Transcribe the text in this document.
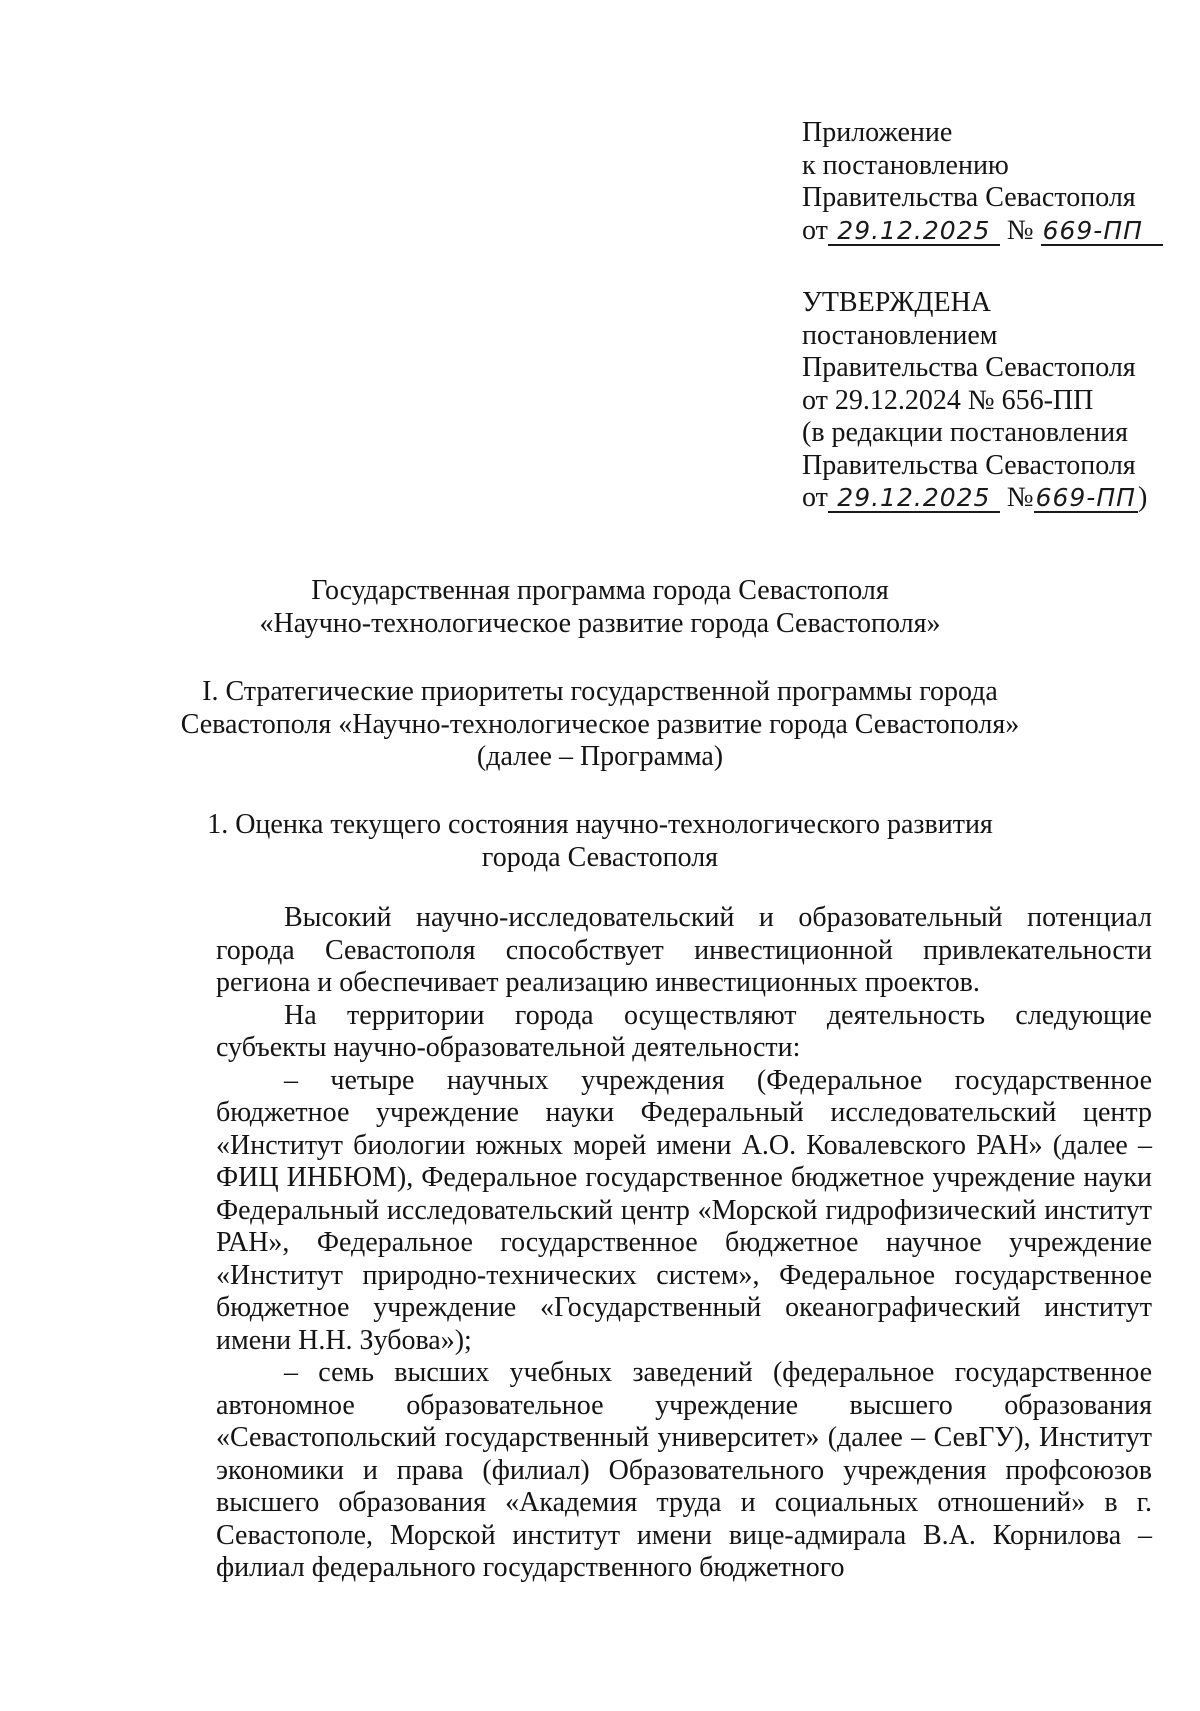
Приложение
к постановлению
Правительства Севастополя
от 29.12.2025 № 669-ПП
УТВЕРЖДЕНА
постановлением
Правительства Севастополя
от 29.12.2024 № 656-ПП
(в редакции постановления
Правительства Севастополя
от 29.12.2025 №669-ПП)
Государственная программа города Севастополя
«Научно-технологическое развитие города Севастополя»
I. Стратегические приоритеты государственной программы города
Севастополя «Научно-технологическое развитие города Севастополя»
(далее – Программа)
1. Оценка текущего состояния научно-технологического развития
города Севастополя

Высокий научно-исследовательский и образовательный потенциал города Севастополя способствует инвестиционной привлекательности региона и обеспечивает реализацию инвестиционных проектов.

На территории города осуществляют деятельность следующие субъекты научно-образовательной деятельности:

– четыре научных учреждения (Федеральное государственное бюджетное учреждение науки Федеральный исследовательский центр «Институт биологии южных морей имени А.О. Ковалевского РАН» (далее – ФИЦ ИНБЮМ), Федеральное государственное бюджетное учреждение науки Федеральный исследовательский центр «Морской гидрофизический институт РАН», Федеральное государственное бюджетное научное учреждение «Институт природно-технических систем», Федеральное государственное бюджетное учреждение «Государственный океанографический институт имени Н.Н. Зубова»);

– семь высших учебных заведений (федеральное государственное автономное образовательное учреждение высшего образования «Севастопольский государственный университет» (далее – СевГУ), Институт экономики и права (филиал) Образовательного учреждения профсоюзов высшего образования «Академия труда и социальных отношений» в г. Севастополе, Морской институт имени вице-адмирала В.А. Корнилова – филиал федерального государственного бюджетного
